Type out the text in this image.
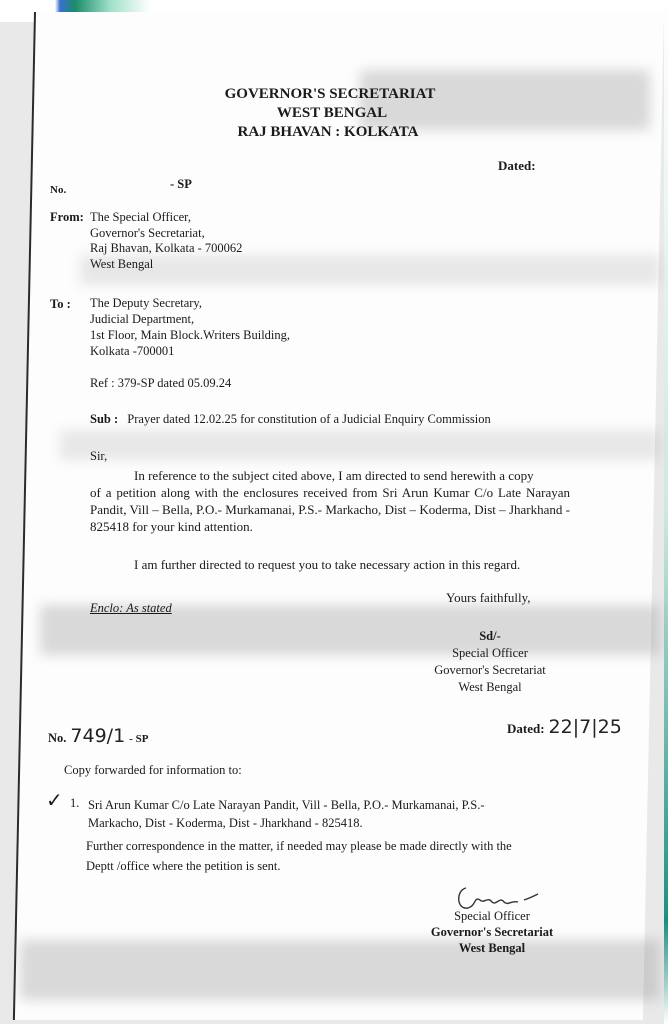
GOVERNOR'S SECRETARIAT
WEST BENGAL
RAJ BHAVAN : KOLKATA
Dated:
No.	- SP
From: The Special Officer,
Governor's Secretariat,
Raj Bhavan, Kolkata - 700062
West Bengal
To : The Deputy Secretary,
Judicial Department,
1st Floor, Main Block.Writers Building,
Kolkata -700001
Ref : 379-SP dated 05.09.24
Sub : Prayer dated 12.02.25 for constitution of a Judicial Enquiry Commission
Sir,
In reference to the subject cited above, I am directed to send herewith a copy
of a petition along with the enclosures received from Sri Arun Kumar C/o Late Narayan Pandit, Vill – Bella, P.O.- Murkamanai, P.S.- Markacho, Dist – Koderma, Dist – Jharkhand - 825418 for your kind attention.
I am further directed to request you to take necessary action in this regard.
Yours faithfully,
Enclo: As stated
Sd/-
Special Officer
Governor's Secretariat
West Bengal
No. 749/1 - SP
Dated: 22|7|25
Copy forwarded for information to:
✓ 1. Sri Arun Kumar C/o Late Narayan Pandit, Vill - Bella, P.O.- Murkamanai, P.S.-
Markacho, Dist - Koderma, Dist - Jharkhand - 825418.
Further correspondence in the matter, if needed may please be made directly with the
Deptt /office where the petition is sent.
Special Officer
Governor's Secretariat
West Bengal
